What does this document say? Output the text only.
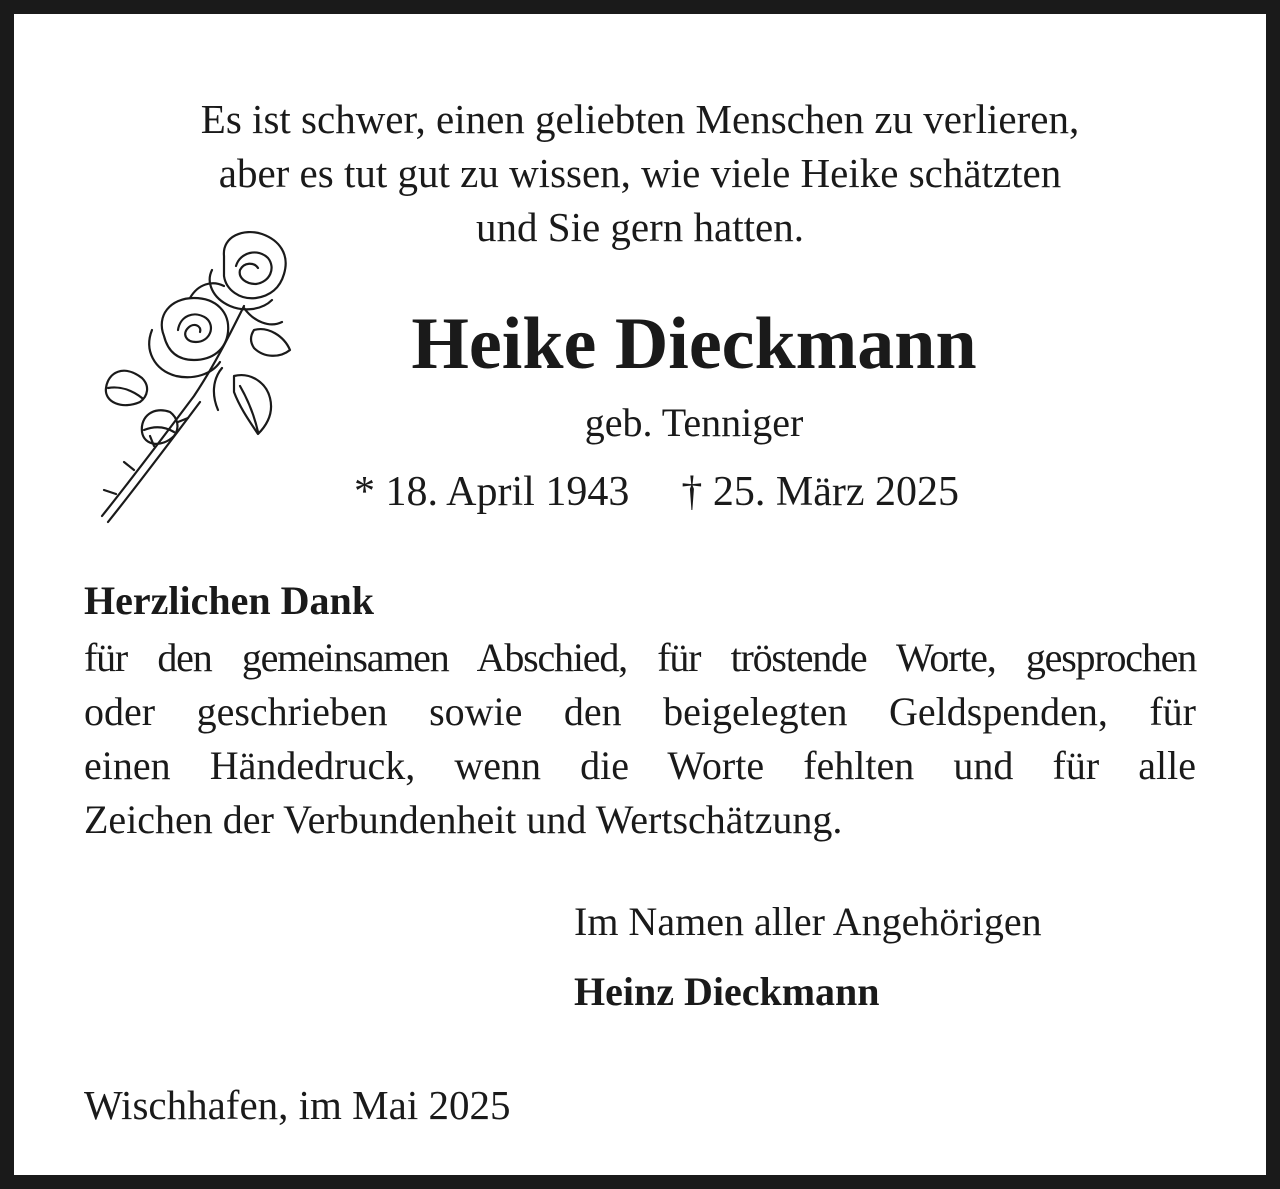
Es ist schwer, einen geliebten Menschen zu verlieren,
aber es tut gut zu wissen, wie viele Heike schätzten
und Sie gern hatten.
Heike Dieckmann
geb. Tenniger
* 18. April 1943 † 25. März 2025
Herzlichen Dank
für den gemeinsamen Abschied, für tröstende Worte, gesprochen
oder geschrieben sowie den beigelegten Geldspenden, für
einen Händedruck, wenn die Worte fehlten und für alle
Zeichen der Verbundenheit und Wertschätzung.
Im Namen aller Angehörigen
Heinz Dieckmann
Wischhafen, im Mai 2025
